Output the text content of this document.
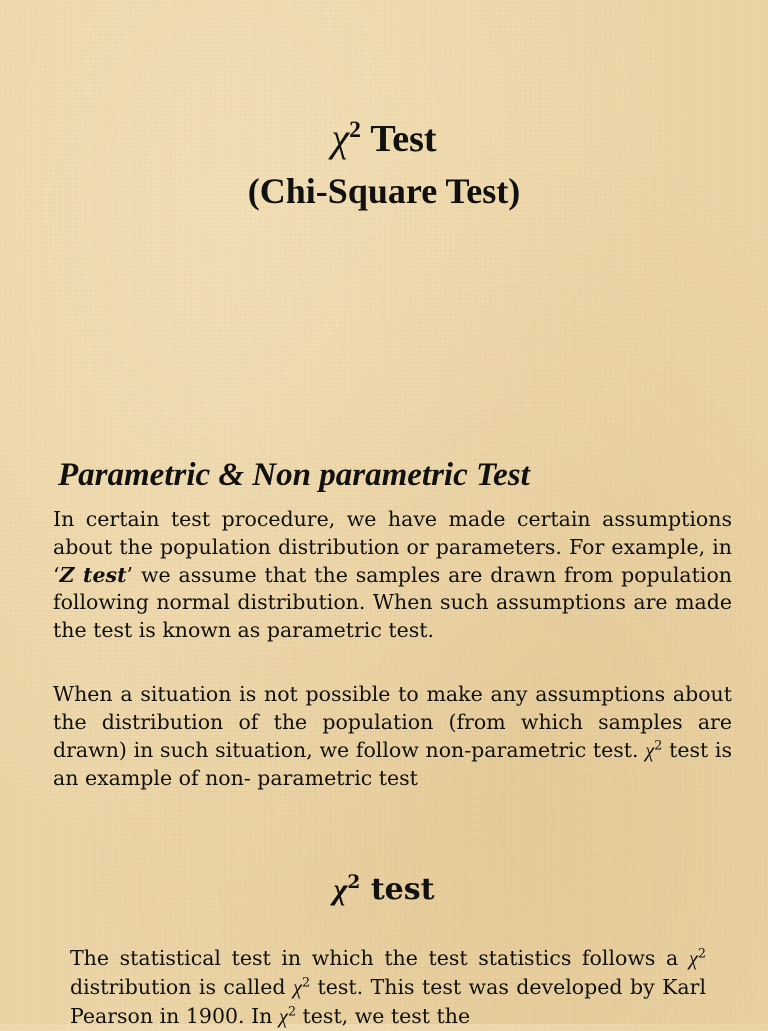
$\chi^2$ Test
(Chi-Square Test)
Parametric & Non parametric Test

In certain test procedure, we have made certain assumptions about the population distribution or parameters. For example, in ‘Z test’ we assume that the samples are drawn from population following normal distribution. When such assumptions are made the test is known as parametric test.

When a situation is not possible to make any assumptions about the distribution of the population (from which samples are drawn) in such situation, we follow non-parametric test. $\chi^2$ test is an example of non- parametric test

$\chi^2$ test

The statistical test in which the test statistics follows a $\chi^2$ distribution is called $\chi^2$ test. This test was developed by Karl Pearson in 1900. In $\chi^2$ test, we test the
